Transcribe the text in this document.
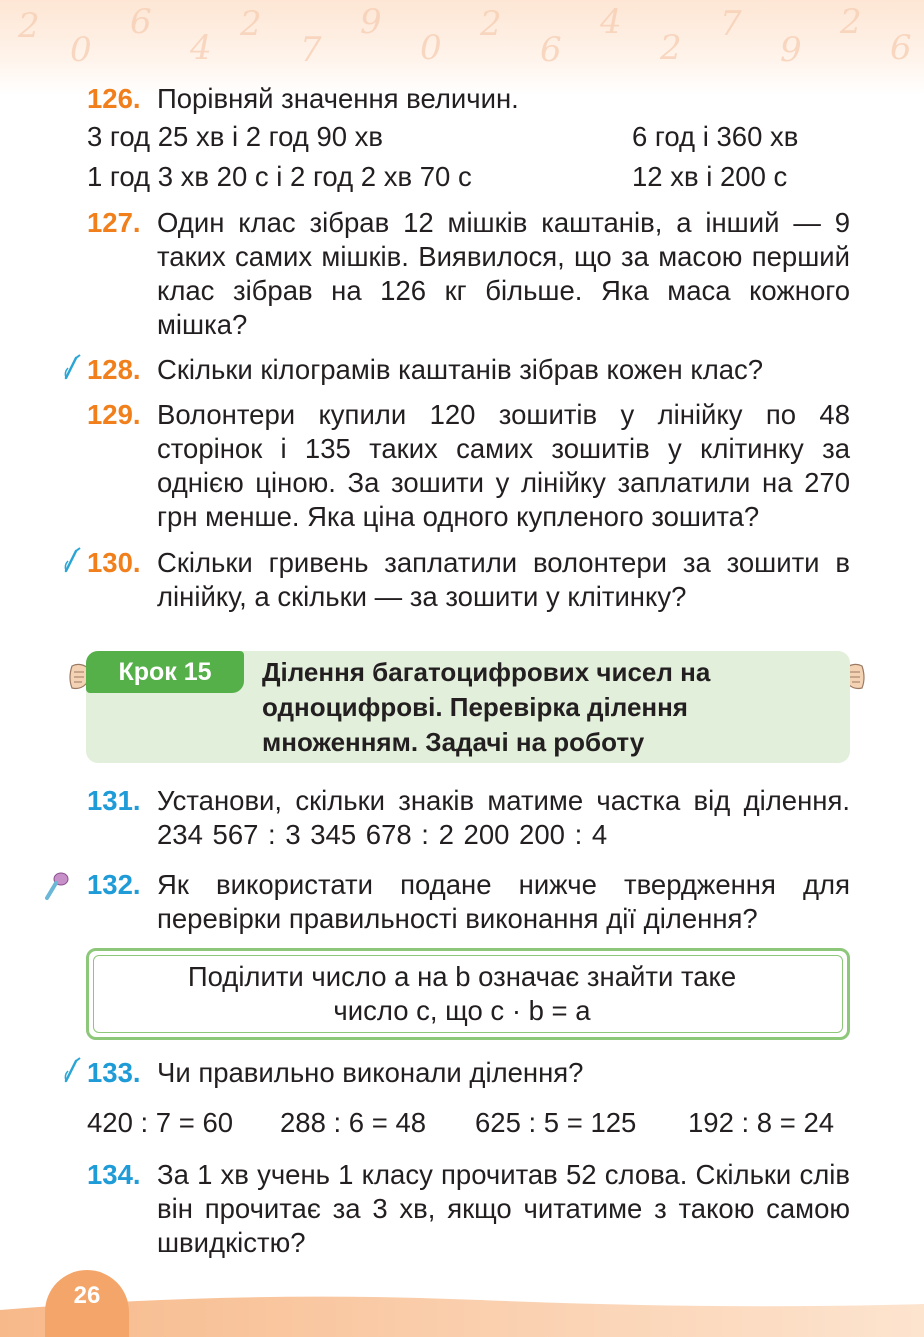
2
0
6
4
2
7
9
0
2
6
4
2
7
9
2
6
126. Порівняй значення величин.
3 год 25 хв і 2 год 90 хв	6 год і 360 хв
1 год 3 хв 20 с і 2 год 2 хв 70 с	12 хв і 200 с
127. Один клас зібрав 12 мішків каштанів, а інший — 9 таких самих мішків. Виявилося, що за масою перший клас зібрав на 126 кг більше. Яка маса кожного мішка?
128. Скільки кілограмів каштанів зібрав кожен клас?
129. Волонтери купили 120 зошитів у лінійку по 48 сторінок і 135 таких самих зошитів у клітинку за однією ціною. За зошити у лінійку заплатили на 270 грн менше. Яка ціна одного купленого зошита?
130. Скільки гривень заплатили волонтери за зошити в лінійку, а скільки — за зошити у клітинку?
Крок 15	Ділення багатоцифрових чисел на одноцифрові. Перевірка ділення множенням. Задачі на роботу
131. Установи, скільки знаків матиме частка від ділення. 234 567 : 3 345 678 : 2 200 200 : 4
132. Як використати подане нижче твердження для перевірки правильності виконання дії ділення?
Поділити число a на b означає знайти таке
число c, що c · b = a
133. Чи правильно виконали ділення?
420 : 7 = 60 288 : 6 = 48 625 : 5 = 125 192 : 8 = 24
134. За 1 хв учень 1 класу прочитав 52 слова. Скільки слів він прочитає за 3 хв, якщо читатиме з такою самою швидкістю?
26
